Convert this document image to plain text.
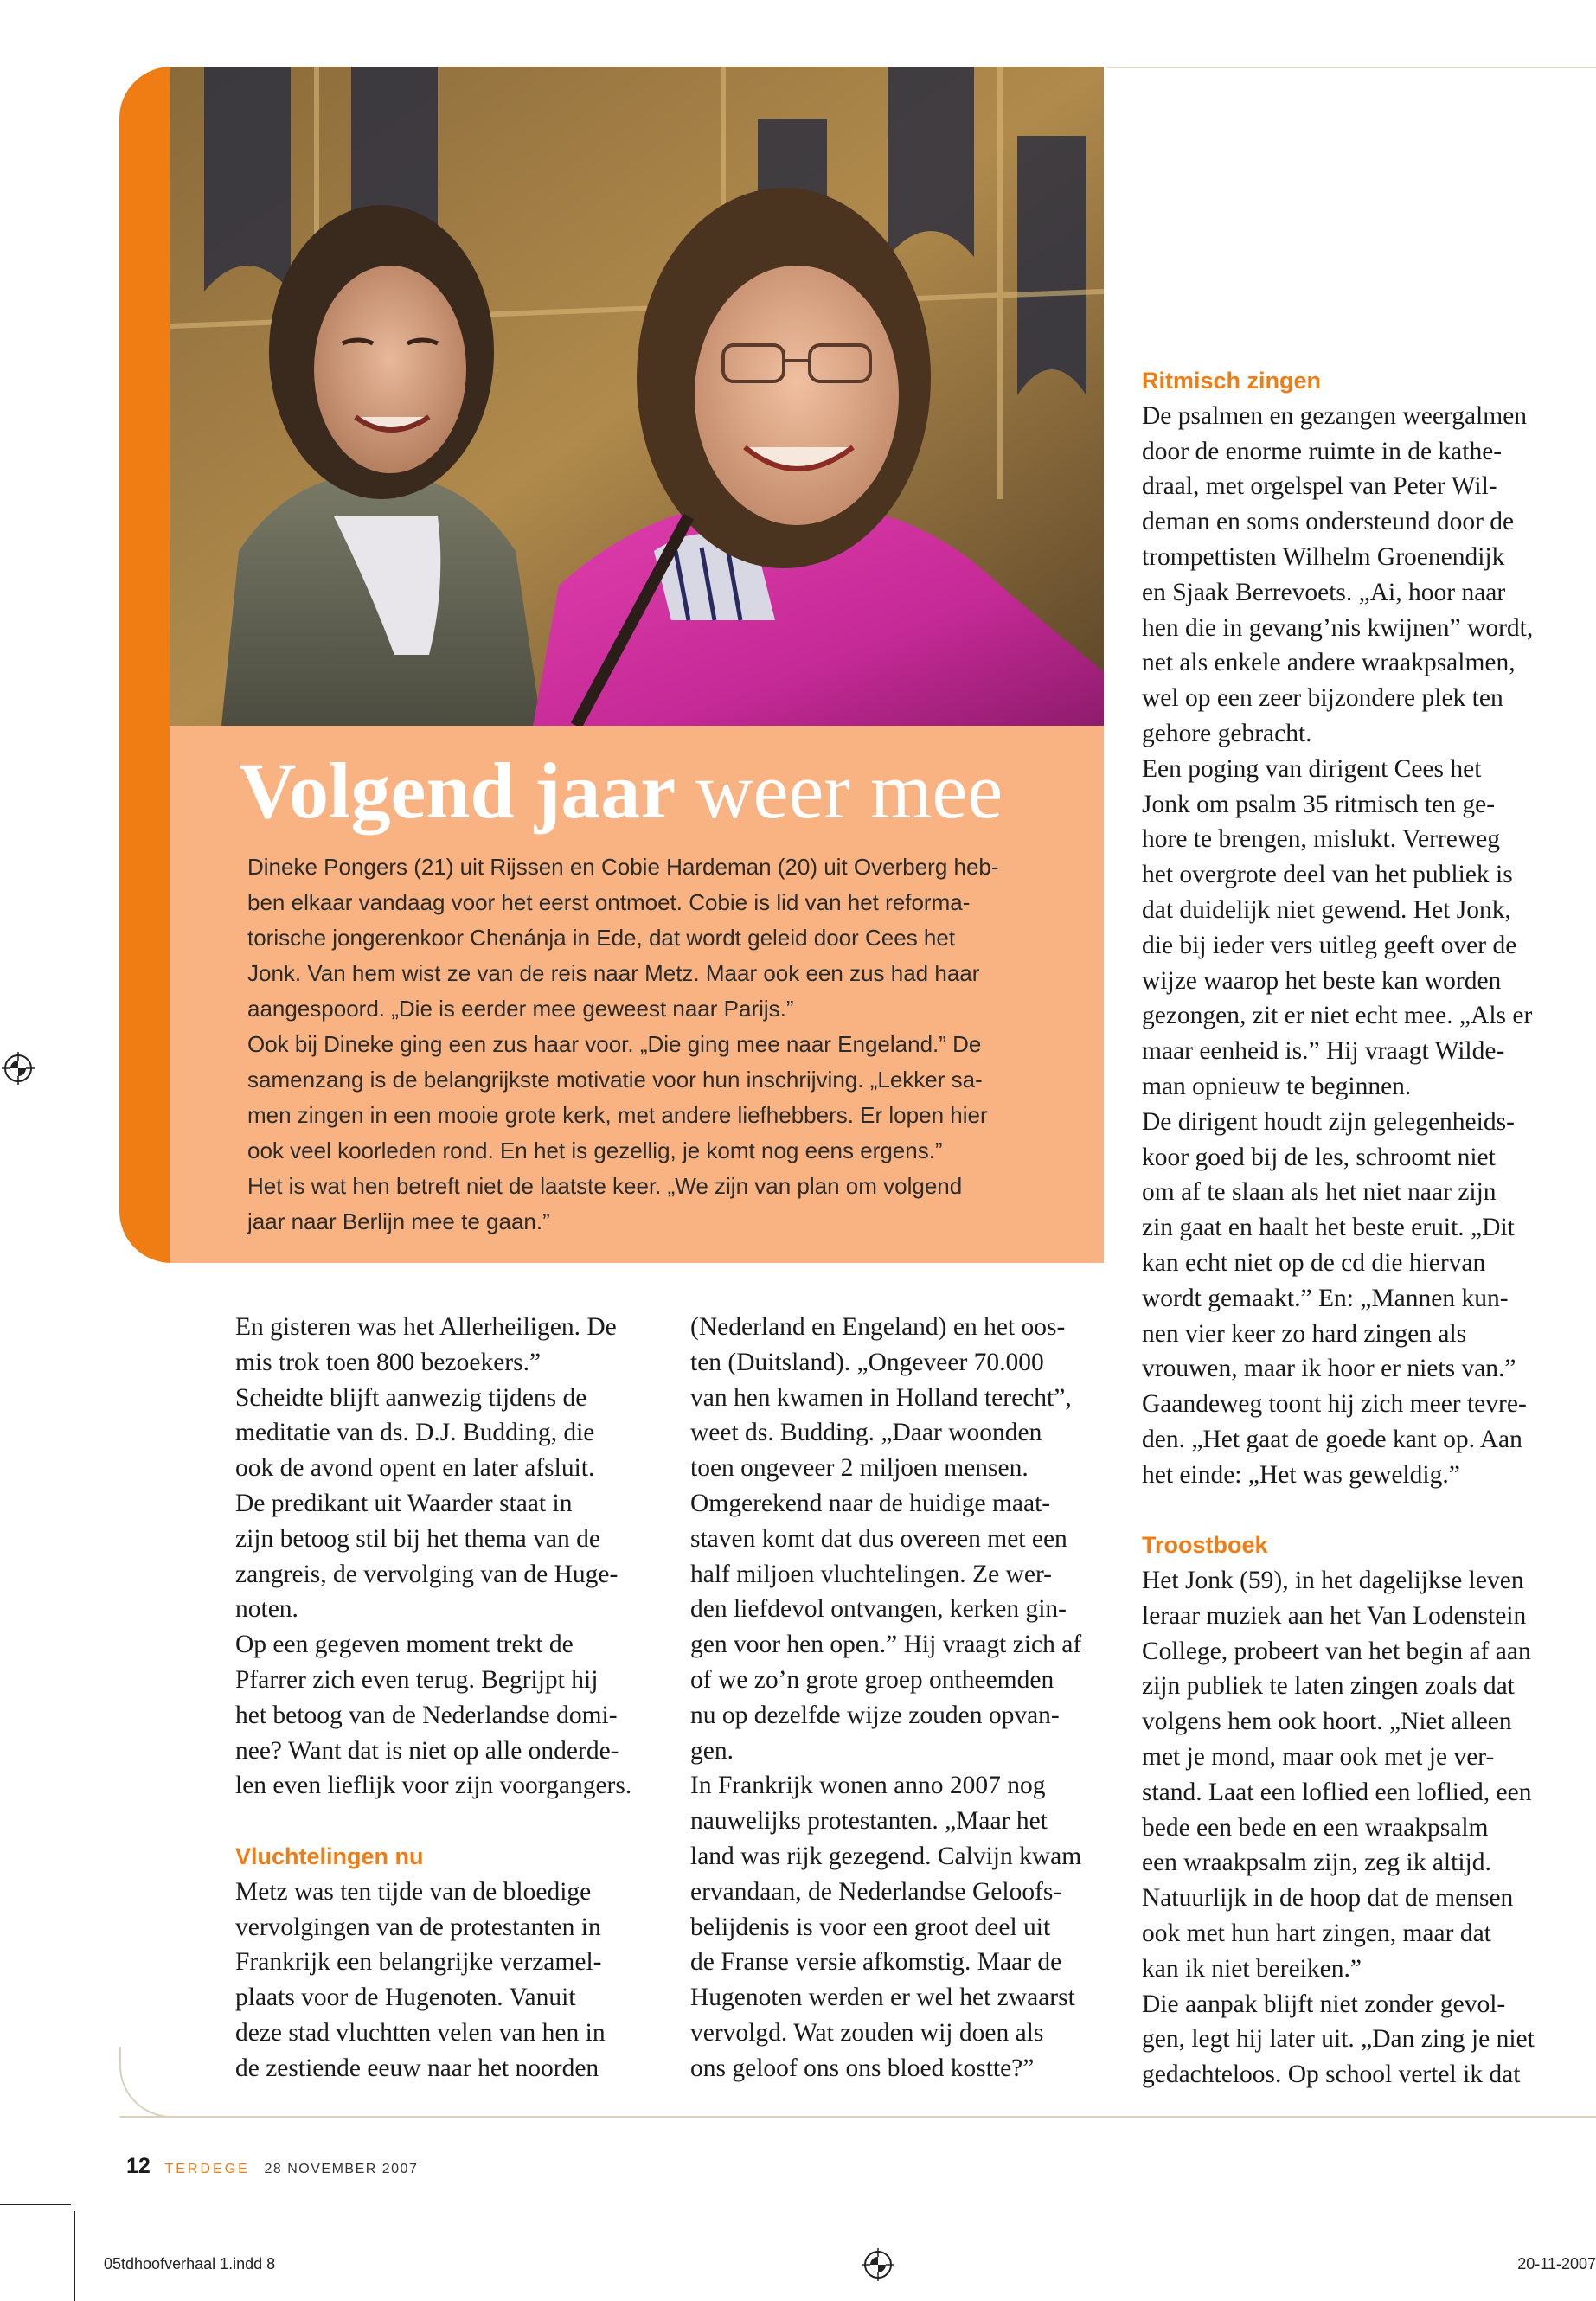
Volgend jaar weer mee

Dineke Pongers (21) uit Rijssen en Cobie Hardeman (20) uit Overberg heb-

ben elkaar vandaag voor het eerst ontmoet. Cobie is lid van het reforma-

torische jongerenkoor Chenánja in Ede, dat wordt geleid door Cees het

Jonk. Van hem wist ze van de reis naar Metz. Maar ook een zus had haar

aangespoord. „Die is eerder mee geweest naar Parijs.”

Ook bij Dineke ging een zus haar voor. „Die ging mee naar Engeland.” De

samenzang is de belangrijkste motivatie voor hun inschrijving. „Lekker sa-

men zingen in een mooie grote kerk, met andere liefhebbers. Er lopen hier

ook veel koorleden rond. En het is gezellig, je komt nog eens ergens.”

Het is wat hen betreft niet de laatste keer. „We zijn van plan om volgend

jaar naar Berlijn mee te gaan.”

En gisteren was het Allerheiligen. De

mis trok toen 800 bezoekers.”

Scheidte blijft aanwezig tijdens de

meditatie van ds. D.J. Budding, die

ook de avond opent en later afsluit.

De predikant uit Waarder staat in

zijn betoog stil bij het thema van de

zangreis, de vervolging van de Huge-

noten.

Op een gegeven moment trekt de

Pfarrer zich even terug. Begrijpt hij

het betoog van de Nederlandse domi-

nee? Want dat is niet op alle onderde-

len even lieflijk voor zijn voorgangers.

Vluchtelingen nu

Metz was ten tijde van de bloedige

vervolgingen van de protestanten in

Frankrijk een belangrijke verzamel-

plaats voor de Hugenoten. Vanuit

deze stad vluchtten velen van hen in

de zestiende eeuw naar het noorden

(Nederland en Engeland) en het oos-

ten (Duitsland). „Ongeveer 70.000

van hen kwamen in Holland terecht”,

weet ds. Budding. „Daar woonden

toen ongeveer 2 miljoen mensen.

Omgerekend naar de huidige maat-

staven komt dat dus overeen met een

half miljoen vluchtelingen. Ze wer-

den liefdevol ontvangen, kerken gin-

gen voor hen open.” Hij vraagt zich af

of we zo’n grote groep ontheemden

nu op dezelfde wijze zouden opvan-

gen.

In Frankrijk wonen anno 2007 nog

nauwelijks protestanten. „Maar het

land was rijk gezegend. Calvijn kwam

ervandaan, de Nederlandse Geloofs-

belijdenis is voor een groot deel uit

de Franse versie afkomstig. Maar de

Hugenoten werden er wel het zwaarst

vervolgd. Wat zouden wij doen als

ons geloof ons ons bloed kostte?”

Ritmisch zingen

De psalmen en gezangen weergalmen

door de enorme ruimte in de kathe-

draal, met orgelspel van Peter Wil-

deman en soms ondersteund door de

trompettisten Wilhelm Groenendijk

en Sjaak Berrevoets. „Ai, hoor naar

hen die in gevang’nis kwijnen” wordt,

net als enkele andere wraakpsalmen,

wel op een zeer bijzondere plek ten

gehore gebracht.

Een poging van dirigent Cees het

Jonk om psalm 35 ritmisch ten ge-

hore te brengen, mislukt. Verreweg

het overgrote deel van het publiek is

dat duidelijk niet gewend. Het Jonk,

die bij ieder vers uitleg geeft over de

wijze waarop het beste kan worden

gezongen, zit er niet echt mee. „Als er

maar eenheid is.” Hij vraagt Wilde-

man opnieuw te beginnen.

De dirigent houdt zijn gelegenheids-

koor goed bij de les, schroomt niet

om af te slaan als het niet naar zijn

zin gaat en haalt het beste eruit. „Dit

kan echt niet op de cd die hiervan

wordt gemaakt.” En: „Mannen kun-

nen vier keer zo hard zingen als

vrouwen, maar ik hoor er niets van.”

Gaandeweg toont hij zich meer tevre-

den. „Het gaat de goede kant op. Aan

het einde: „Het was geweldig.”

Troostboek

Het Jonk (59), in het dagelijkse leven

leraar muziek aan het Van Lodenstein

College, probeert van het begin af aan

zijn publiek te laten zingen zoals dat

volgens hem ook hoort. „Niet alleen

met je mond, maar ook met je ver-

stand. Laat een loflied een loflied, een

bede een bede en een wraakpsalm

een wraakpsalm zijn, zeg ik altijd.

Natuurlijk in de hoop dat de mensen

ook met hun hart zingen, maar dat

kan ik niet bereiken.”

Die aanpak blijft niet zonder gevol-

gen, legt hij later uit. „Dan zing je niet

gedachteloos. Op school vertel ik dat

12 TERDEGE 28 NOVEMBER 2007
05tdhoofverhaal 1.indd 8	20-11-2007
